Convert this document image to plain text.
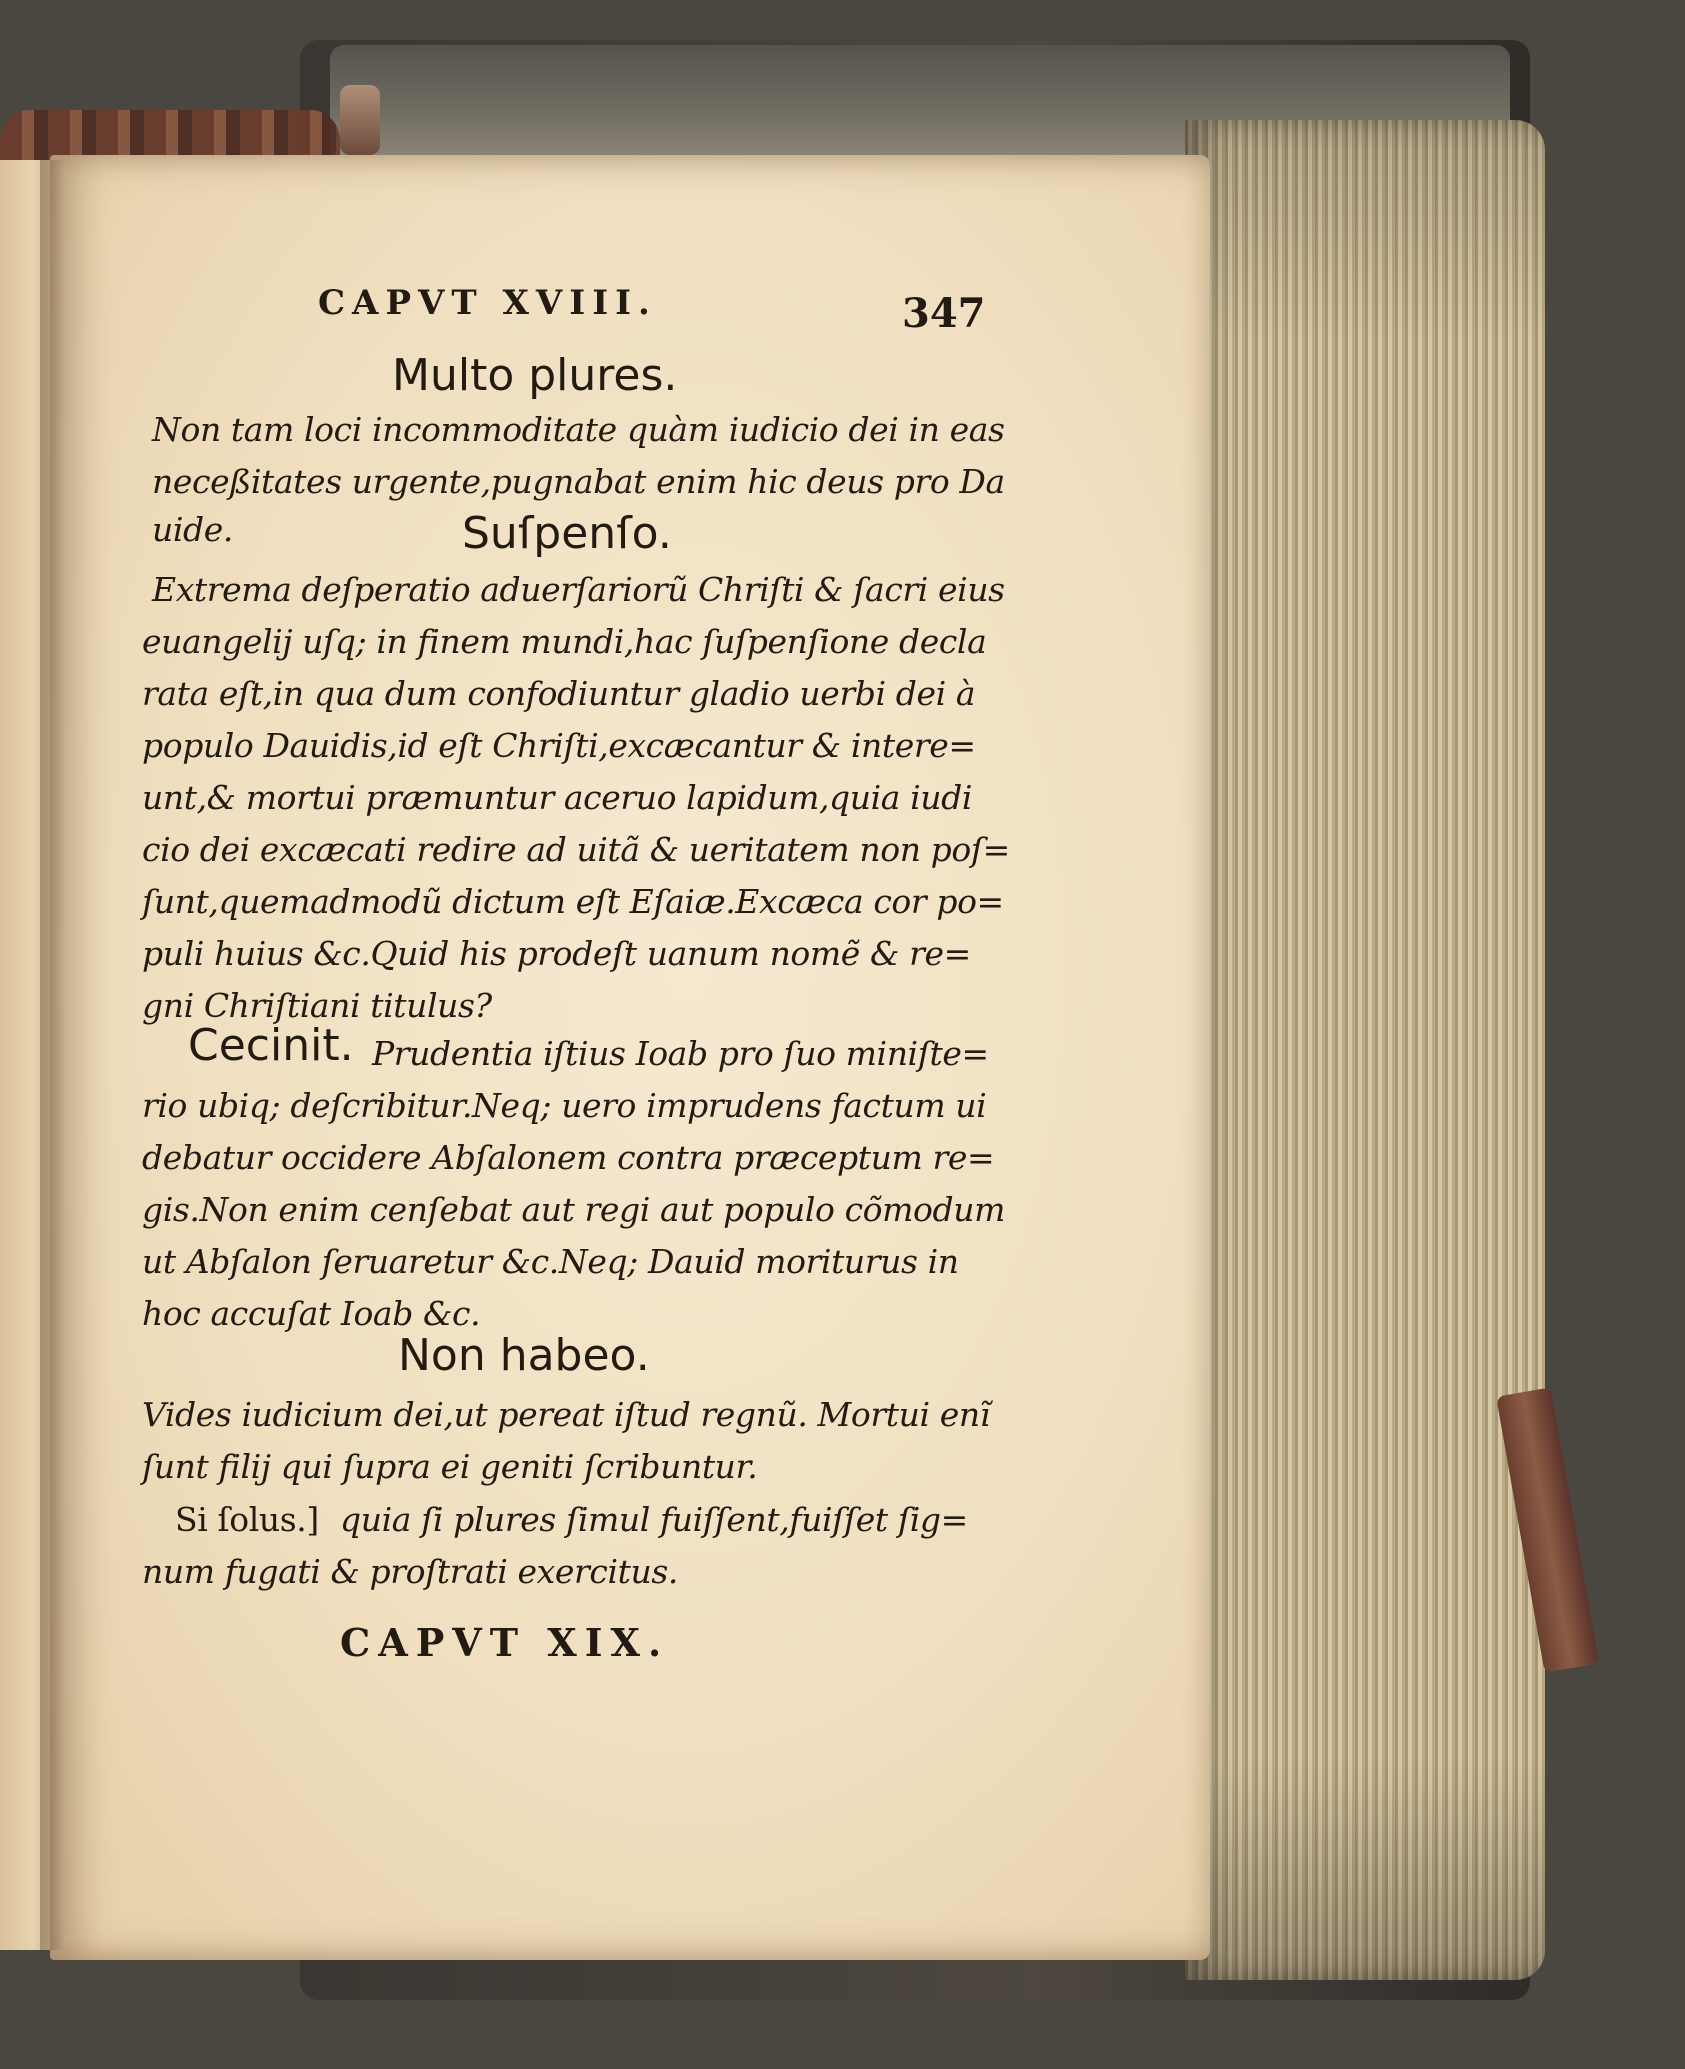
CAPVT XVIII.	347
Multo plures.
Non tam loci incommoditate quàm iudicio dei in eas
neceßitates urgente,pugnabat enim hic deus pro Da
uide.	Suſpenſo.
Extrema deſperatio aduerſariorũ Chriſti & ſacri eius
euangelij uſq; in finem mundi,hac ſuſpenſione decla
rata eſt,in qua dum confodiuntur gladio uerbi dei à
populo Dauidis,id eſt Chriſti,excæcantur & intere=
unt,& mortui præmuntur aceruo lapidum,quia iudi
cio dei excæcati redire ad uitã & ueritatem non poſ=
ſunt,quemadmodũ dictum eſt Eſaiæ.Excæca cor po=
puli huius &c.Quid his prodeſt uanum nomẽ & re=
gni Chriſtiani titulus?
Cecinit. Prudentia iſtius Ioab pro ſuo miniſte=
rio ubiq; deſcribitur.Neq; uero imprudens factum ui
debatur occidere Abſalonem contra præceptum re=
gis.Non enim cenſebat aut regi aut populo cõmodum
ut Abſalon ſeruaretur &c.Neq; Dauid moriturus in
hoc accuſat Ioab &c.
Non habeo.
Vides iudicium dei,ut pereat iſtud regnũ. Mortui enĩ
ſunt filij qui ſupra ei geniti ſcribuntur.
Si ſolus.] quia ſi plures ſimul fuiſſent,fuiſſet ſig=
num fugati & proſtrati exercitus.
CAPVT XIX.
